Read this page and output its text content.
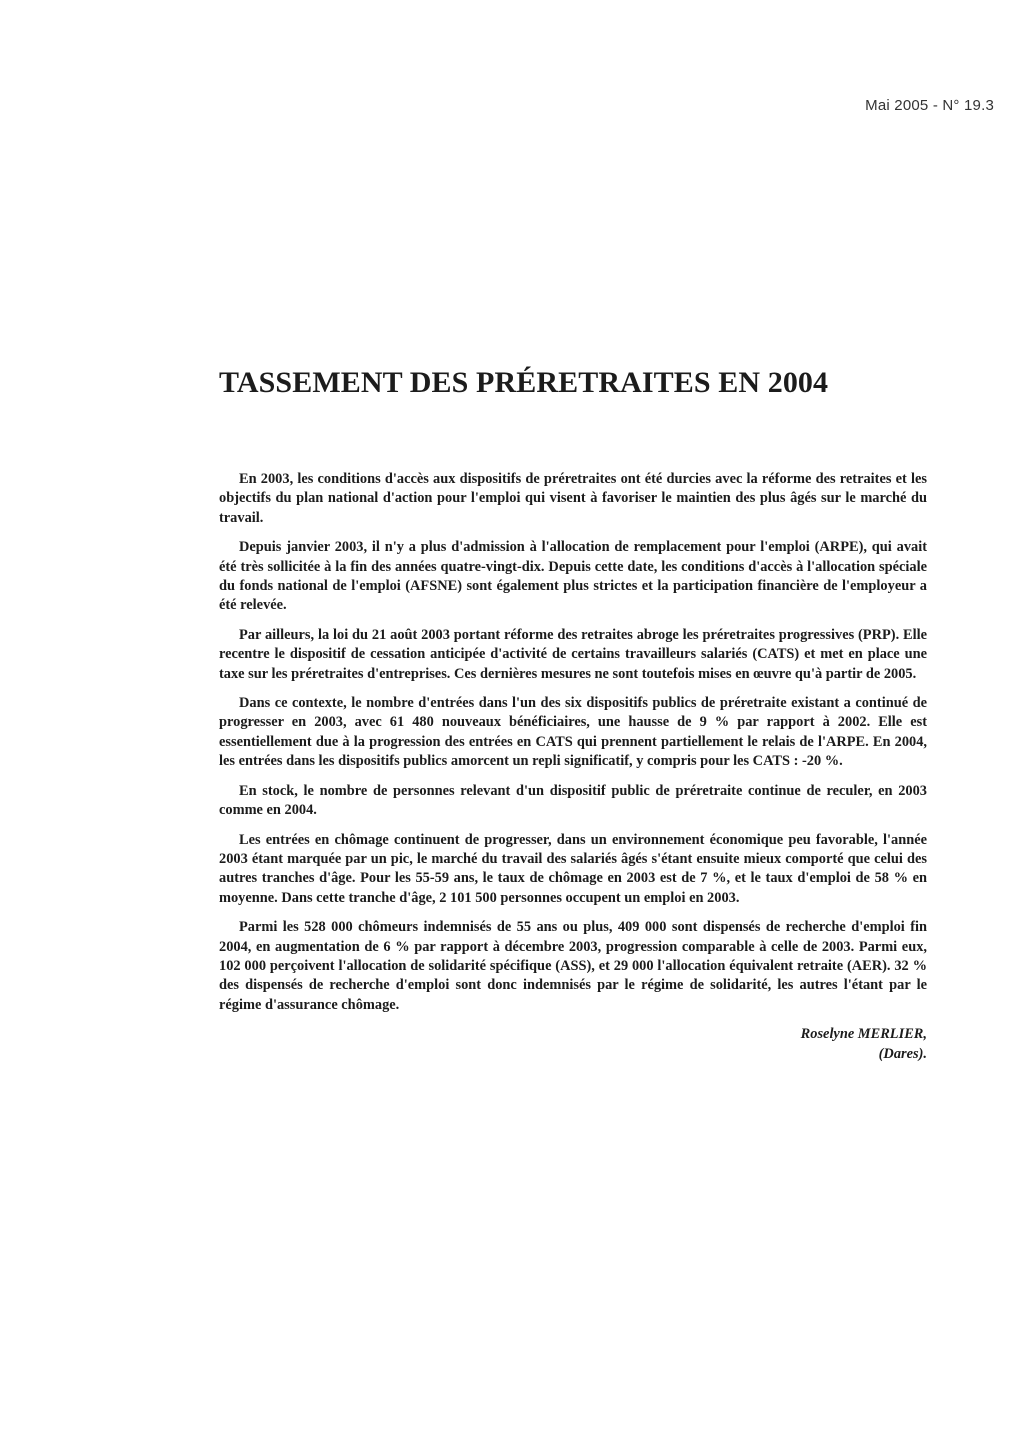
Mai 2005 - N° 19.3
TASSEMENT DES PRÉRETRAITES EN 2004

En 2003, les conditions d'accès aux dispositifs de préretraites ont été durcies avec la réforme des retraites et les objectifs du plan national d'action pour l'emploi qui visent à favoriser le maintien des plus âgés sur le marché du travail.

Depuis janvier 2003, il n'y a plus d'admission à l'allocation de remplacement pour l'emploi (ARPE), qui avait été très sollicitée à la fin des années quatre-vingt-dix. Depuis cette date, les conditions d'accès à l'allocation spéciale du fonds national de l'emploi (AFSNE) sont également plus strictes et la participation financière de l'employeur a été relevée.

Par ailleurs, la loi du 21 août 2003 portant réforme des retraites abroge les préretraites progressives (PRP). Elle recentre le dispositif de cessation anticipée d'activité de certains travailleurs salariés (CATS) et met en place une taxe sur les préretraites d'entreprises. Ces dernières mesures ne sont toutefois mises en œuvre qu'à partir de 2005.

Dans ce contexte, le nombre d'entrées dans l'un des six dispositifs publics de préretraite existant a continué de progresser en 2003, avec 61 480 nouveaux bénéficiaires, une hausse de 9 % par rapport à 2002. Elle est essentiellement due à la progression des entrées en CATS qui prennent partiellement le relais de l'ARPE. En 2004, les entrées dans les dispositifs publics amorcent un repli significatif, y compris pour les CATS : -20 %.

En stock, le nombre de personnes relevant d'un dispositif public de préretraite continue de reculer, en 2003 comme en 2004.

Les entrées en chômage continuent de progresser, dans un environnement économique peu favorable, l'année 2003 étant marquée par un pic, le marché du travail des salariés âgés s'étant ensuite mieux comporté que celui des autres tranches d'âge. Pour les 55-59 ans, le taux de chômage en 2003 est de 7 %, et le taux d'emploi de 58 % en moyenne. Dans cette tranche d'âge, 2 101 500 personnes occupent un emploi en 2003.

Parmi les 528 000 chômeurs indemnisés de 55 ans ou plus, 409 000 sont dispensés de recherche d'emploi fin 2004, en augmentation de 6 % par rapport à décembre 2003, progression comparable à celle de 2003. Parmi eux, 102 000 perçoivent l'allocation de solidarité spécifique (ASS), et 29 000 l'allocation équivalent retraite (AER). 32 % des dispensés de recherche d'emploi sont donc indemnisés par le régime de solidarité, les autres l'étant par le régime d'assurance chômage.

Roselyne MERLIER,
(Dares).
